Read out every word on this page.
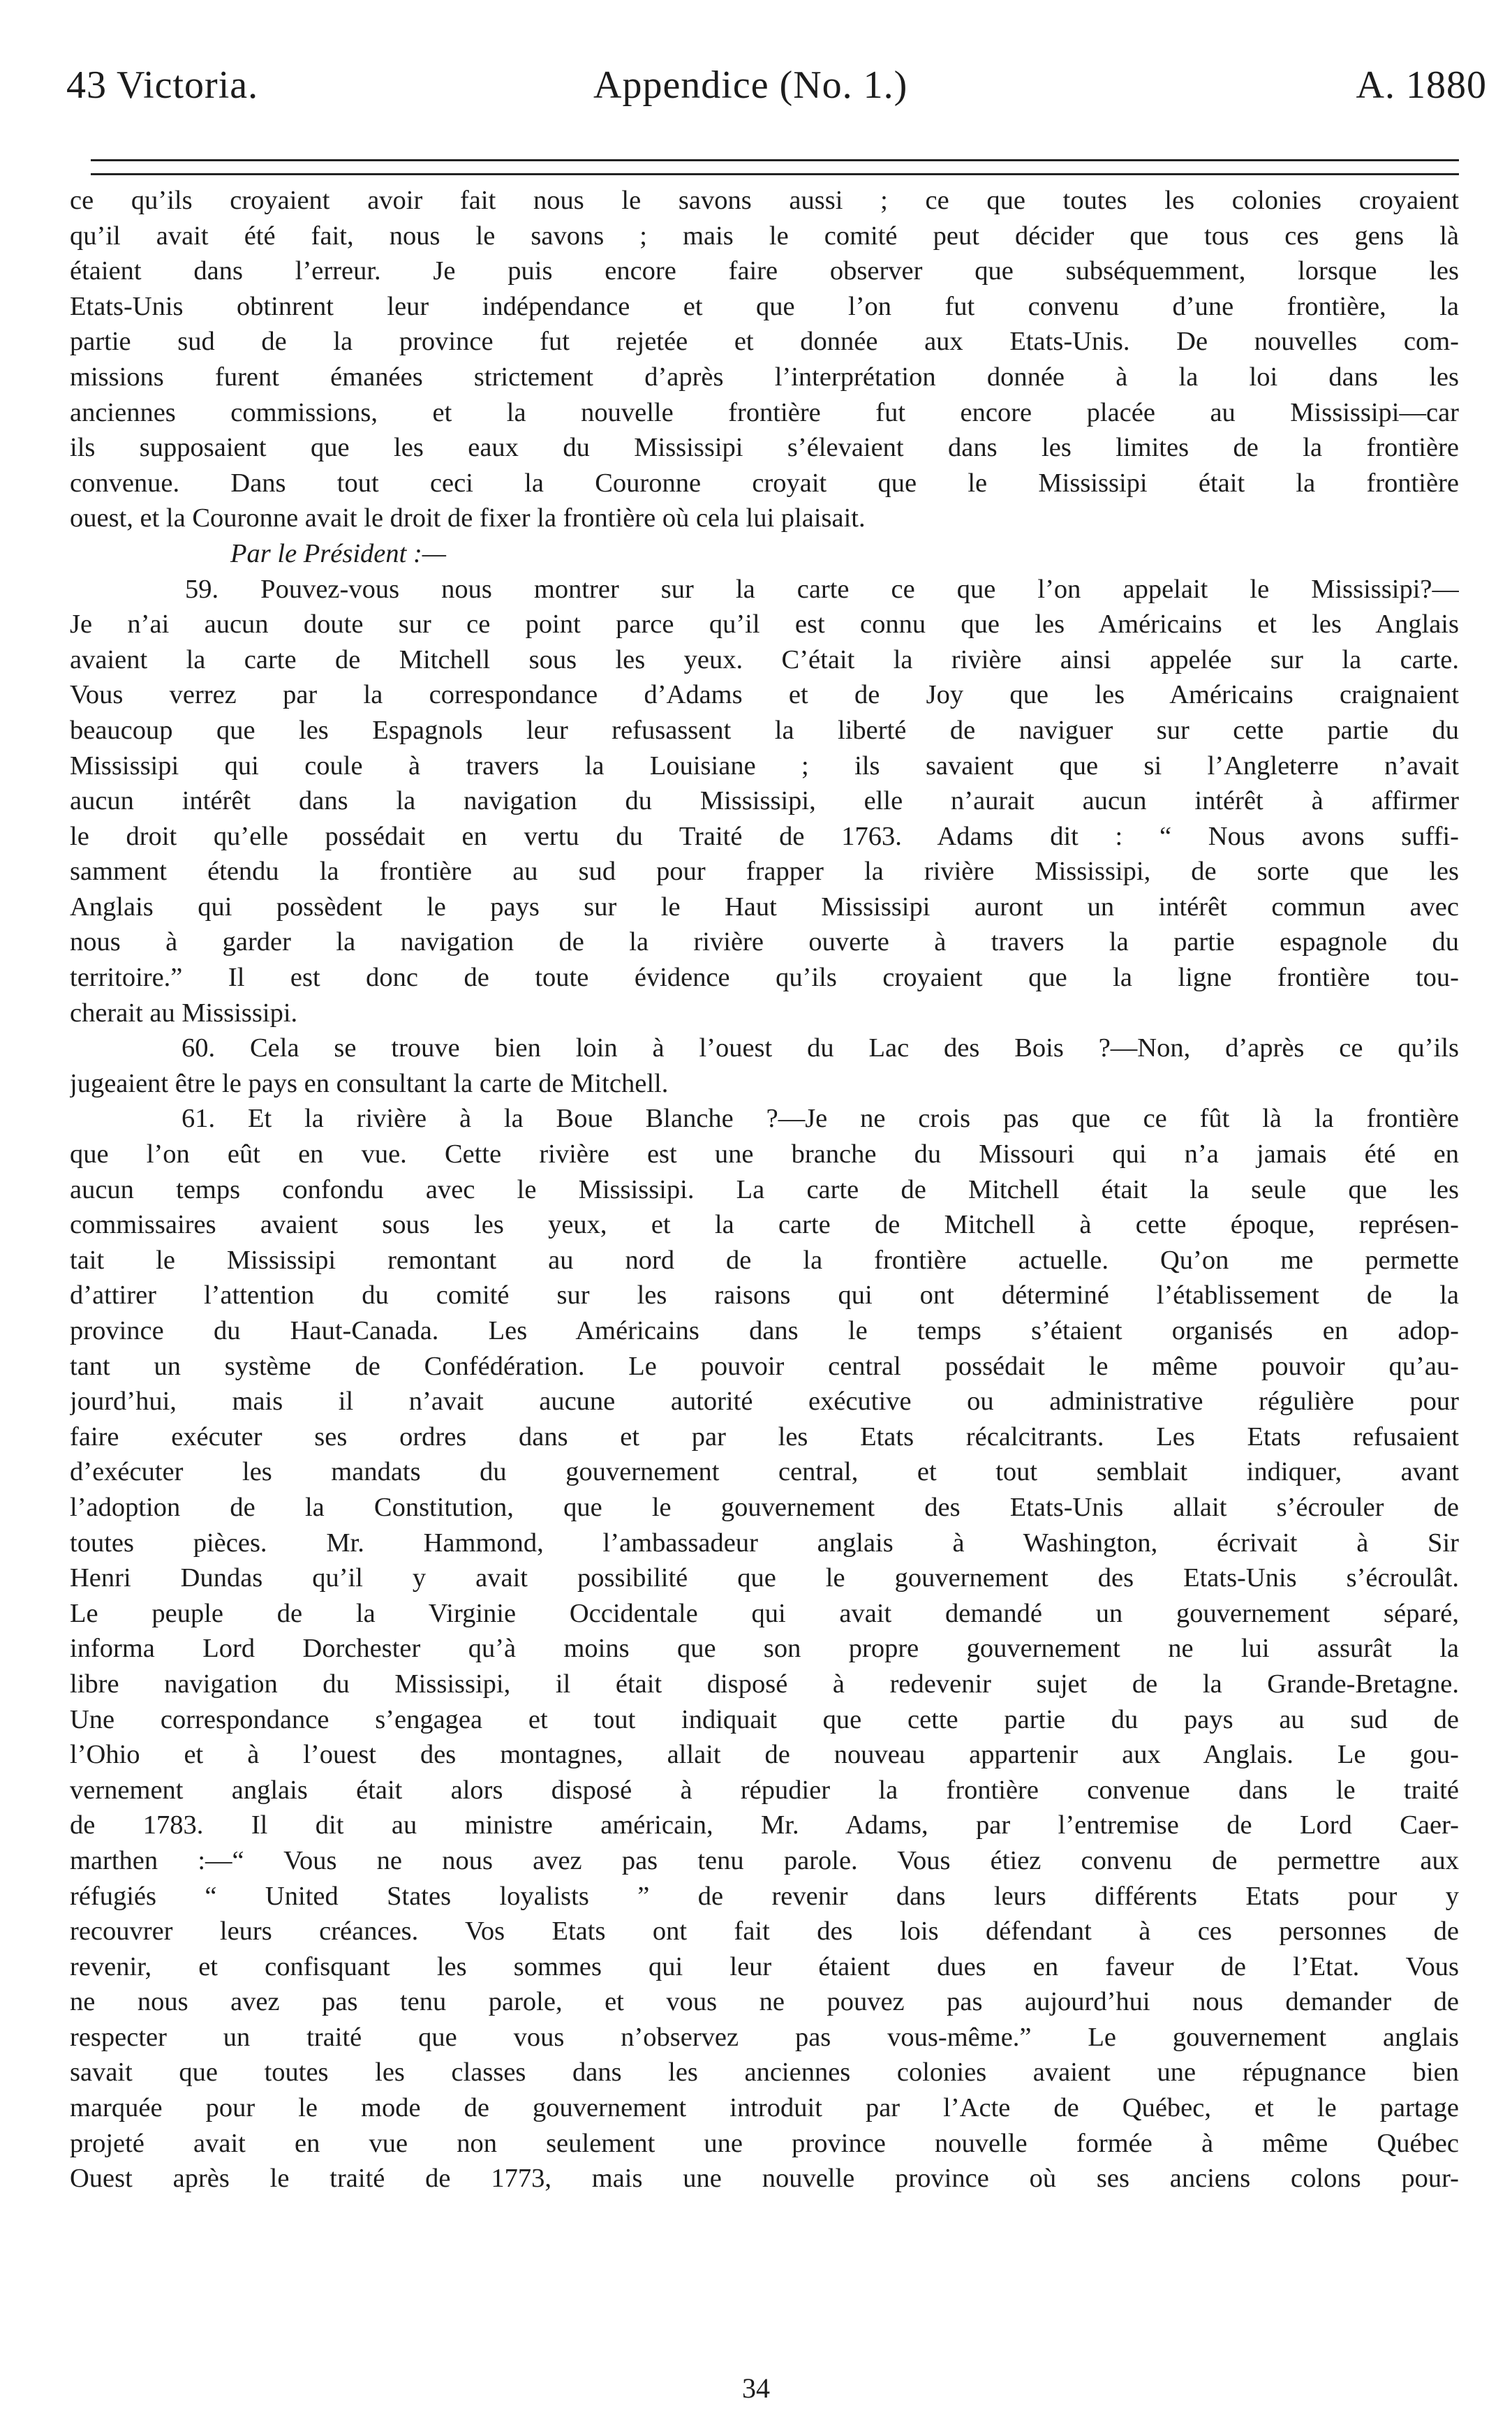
43 Victoria.	Appendice (No. 1.)	A. 1880
ce qu’ils croyaient avoir fait nous le savons aussi ; ce que toutes les colonies croyaient
qu’il avait été fait, nous le savons ; mais le comité peut décider que tous ces gens là
étaient dans l’erreur. Je puis encore faire observer que subséquemment, lorsque les
Etats-Unis obtinrent leur indépendance et que l’on fut convenu d’une frontière, la
partie sud de la province fut rejetée et donnée aux Etats-Unis. De nouvelles com-
missions furent émanées strictement d’après l’interprétation donnée à la loi dans les
anciennes commissions, et la nouvelle frontière fut encore placée au Mississipi—car
ils supposaient que les eaux du Mississipi s’élevaient dans les limites de la frontière
convenue. Dans tout ceci la Couronne croyait que le Mississipi était la frontière
ouest, et la Couronne avait le droit de fixer la frontière où cela lui plaisait.
Par le Président :—
59. Pouvez-vous nous montrer sur la carte ce que l’on appelait le Mississipi?—
Je n’ai aucun doute sur ce point parce qu’il est connu que les Américains et les Anglais
avaient la carte de Mitchell sous les yeux. C’était la rivière ainsi appelée sur la carte.
Vous verrez par la correspondance d’Adams et de Joy que les Américains craignaient
beaucoup que les Espagnols leur refusassent la liberté de naviguer sur cette partie du
Mississipi qui coule à travers la Louisiane ; ils savaient que si l’Angleterre n’avait
aucun intérêt dans la navigation du Mississipi, elle n’aurait aucun intérêt à affirmer
le droit qu’elle possédait en vertu du Traité de 1763. Adams dit : “ Nous avons suffi-
samment étendu la frontière au sud pour frapper la rivière Mississipi, de sorte que les
Anglais qui possèdent le pays sur le Haut Mississipi auront un intérêt commun avec
nous à garder la navigation de la rivière ouverte à travers la partie espagnole du
territoire.” Il est donc de toute évidence qu’ils croyaient que la ligne frontière tou-
cherait au Mississipi.
60. Cela se trouve bien loin à l’ouest du Lac des Bois ?—Non, d’après ce qu’ils
jugeaient être le pays en consultant la carte de Mitchell.
61. Et la rivière à la Boue Blanche ?—Je ne crois pas que ce fût là la frontière
que l’on eût en vue. Cette rivière est une branche du Missouri qui n’a jamais été en
aucun temps confondu avec le Mississipi. La carte de Mitchell était la seule que les
commissaires avaient sous les yeux, et la carte de Mitchell à cette époque, représen-
tait le Mississipi remontant au nord de la frontière actuelle. Qu’on me permette
d’attirer l’attention du comité sur les raisons qui ont déterminé l’établissement de la
province du Haut-Canada. Les Américains dans le temps s’étaient organisés en adop-
tant un système de Confédération. Le pouvoir central possédait le même pouvoir qu’au-
jourd’hui, mais il n’avait aucune autorité exécutive ou administrative régulière pour
faire exécuter ses ordres dans et par les Etats récalcitrants. Les Etats refusaient
d’exécuter les mandats du gouvernement central, et tout semblait indiquer, avant
l’adoption de la Constitution, que le gouvernement des Etats-Unis allait s’écrouler de
toutes pièces. Mr. Hammond, l’ambassadeur anglais à Washington, écrivait à Sir
Henri Dundas qu’il y avait possibilité que le gouvernement des Etats-Unis s’écroulât.
Le peuple de la Virginie Occidentale qui avait demandé un gouvernement séparé,
informa Lord Dorchester qu’à moins que son propre gouvernement ne lui assurât la
libre navigation du Mississipi, il était disposé à redevenir sujet de la Grande-Bretagne.
Une correspondance s’engagea et tout indiquait que cette partie du pays au sud de
l’Ohio et à l’ouest des montagnes, allait de nouveau appartenir aux Anglais. Le gou-
vernement anglais était alors disposé à répudier la frontière convenue dans le traité
de 1783. Il dit au ministre américain, Mr. Adams, par l’entremise de Lord Caer-
marthen :—“ Vous ne nous avez pas tenu parole. Vous étiez convenu de permettre aux
réfugiés “ United States loyalists ” de revenir dans leurs différents Etats pour y
recouvrer leurs créances. Vos Etats ont fait des lois défendant à ces personnes de
revenir, et confisquant les sommes qui leur étaient dues en faveur de l’Etat. Vous
ne nous avez pas tenu parole, et vous ne pouvez pas aujourd’hui nous demander de
respecter un traité que vous n’observez pas vous-même.” Le gouvernement anglais
savait que toutes les classes dans les anciennes colonies avaient une répugnance bien
marquée pour le mode de gouvernement introduit par l’Acte de Québec, et le partage
projeté avait en vue non seulement une province nouvelle formée à même Québec
Ouest après le traité de 1773, mais une nouvelle province où ses anciens colons pour-
34
